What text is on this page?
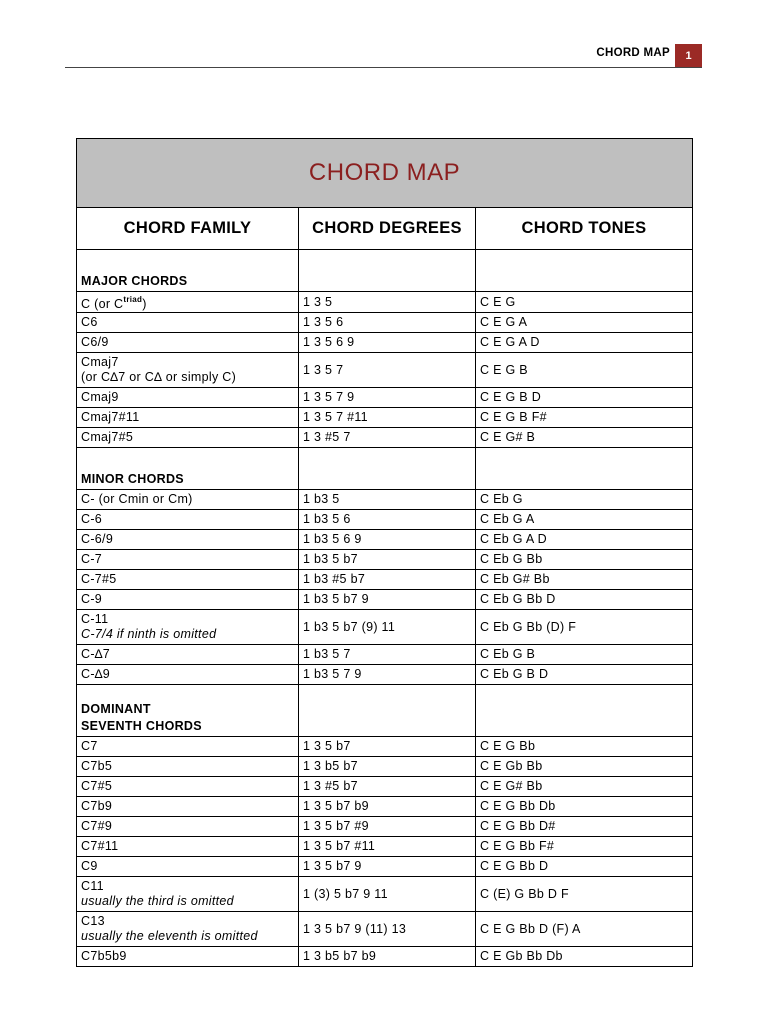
CHORD MAP	1
CHORD MAP		
CHORD FAMILY	CHORD DEGREES	CHORD TONES

MAJOR CHORDS		

C (or $C^{triad}$)	1 3 5	C E G
C6	1 3 5 6	C E G A
C6/9	1 3 5 6 9	C E G A D
Cmaj7
(or C∆7 or C∆ or simply C)	1 3 5 7	C E G B
Cmaj9	1 3 5 7 9	C E G B D
Cmaj7#11	1 3 5 7 #11	C E G B F#
Cmaj7#5	1 3 #5 7	C E G# B

MINOR CHORDS		

C- (or Cmin or Cm)	1 b3 5	C Eb G
C-6	1 b3 5 6	C Eb G A
C-6/9	1 b3 5 6 9	C Eb G A D
C-7	1 b3 5 b7	C Eb G Bb
C-7#5	1 b3 #5 b7	C Eb G# Bb
C-9	1 b3 5 b7 9	C Eb G Bb D
C-11
C-7/4 if ninth is omitted	1 b3 5 b7 (9) 11	C Eb G Bb (D) F
C-∆7	1 b3 5 7	C Eb G B
C-∆9	1 b3 5 7 9	C Eb G B D

DOMINANT
SEVENTH CHORDS		

C7	1 3 5 b7	C E G Bb
C7b5	1 3 b5 b7	C E Gb Bb
C7#5	1 3 #5 b7	C E G# Bb
C7b9	1 3 5 b7 b9	C E G Bb Db
C7#9	1 3 5 b7 #9	C E G Bb D#
C7#11	1 3 5 b7 #11	C E G Bb F#
C9	1 3 5 b7 9	C E G Bb D
C11
usually the third is omitted	1 (3) 5 b7 9 11	C (E) G Bb D F
C13
usually the eleventh is omitted	1 3 5 b7 9 (11) 13	C E G Bb D (F) A
C7b5b9	1 3 b5 b7 b9	C E Gb Bb Db
